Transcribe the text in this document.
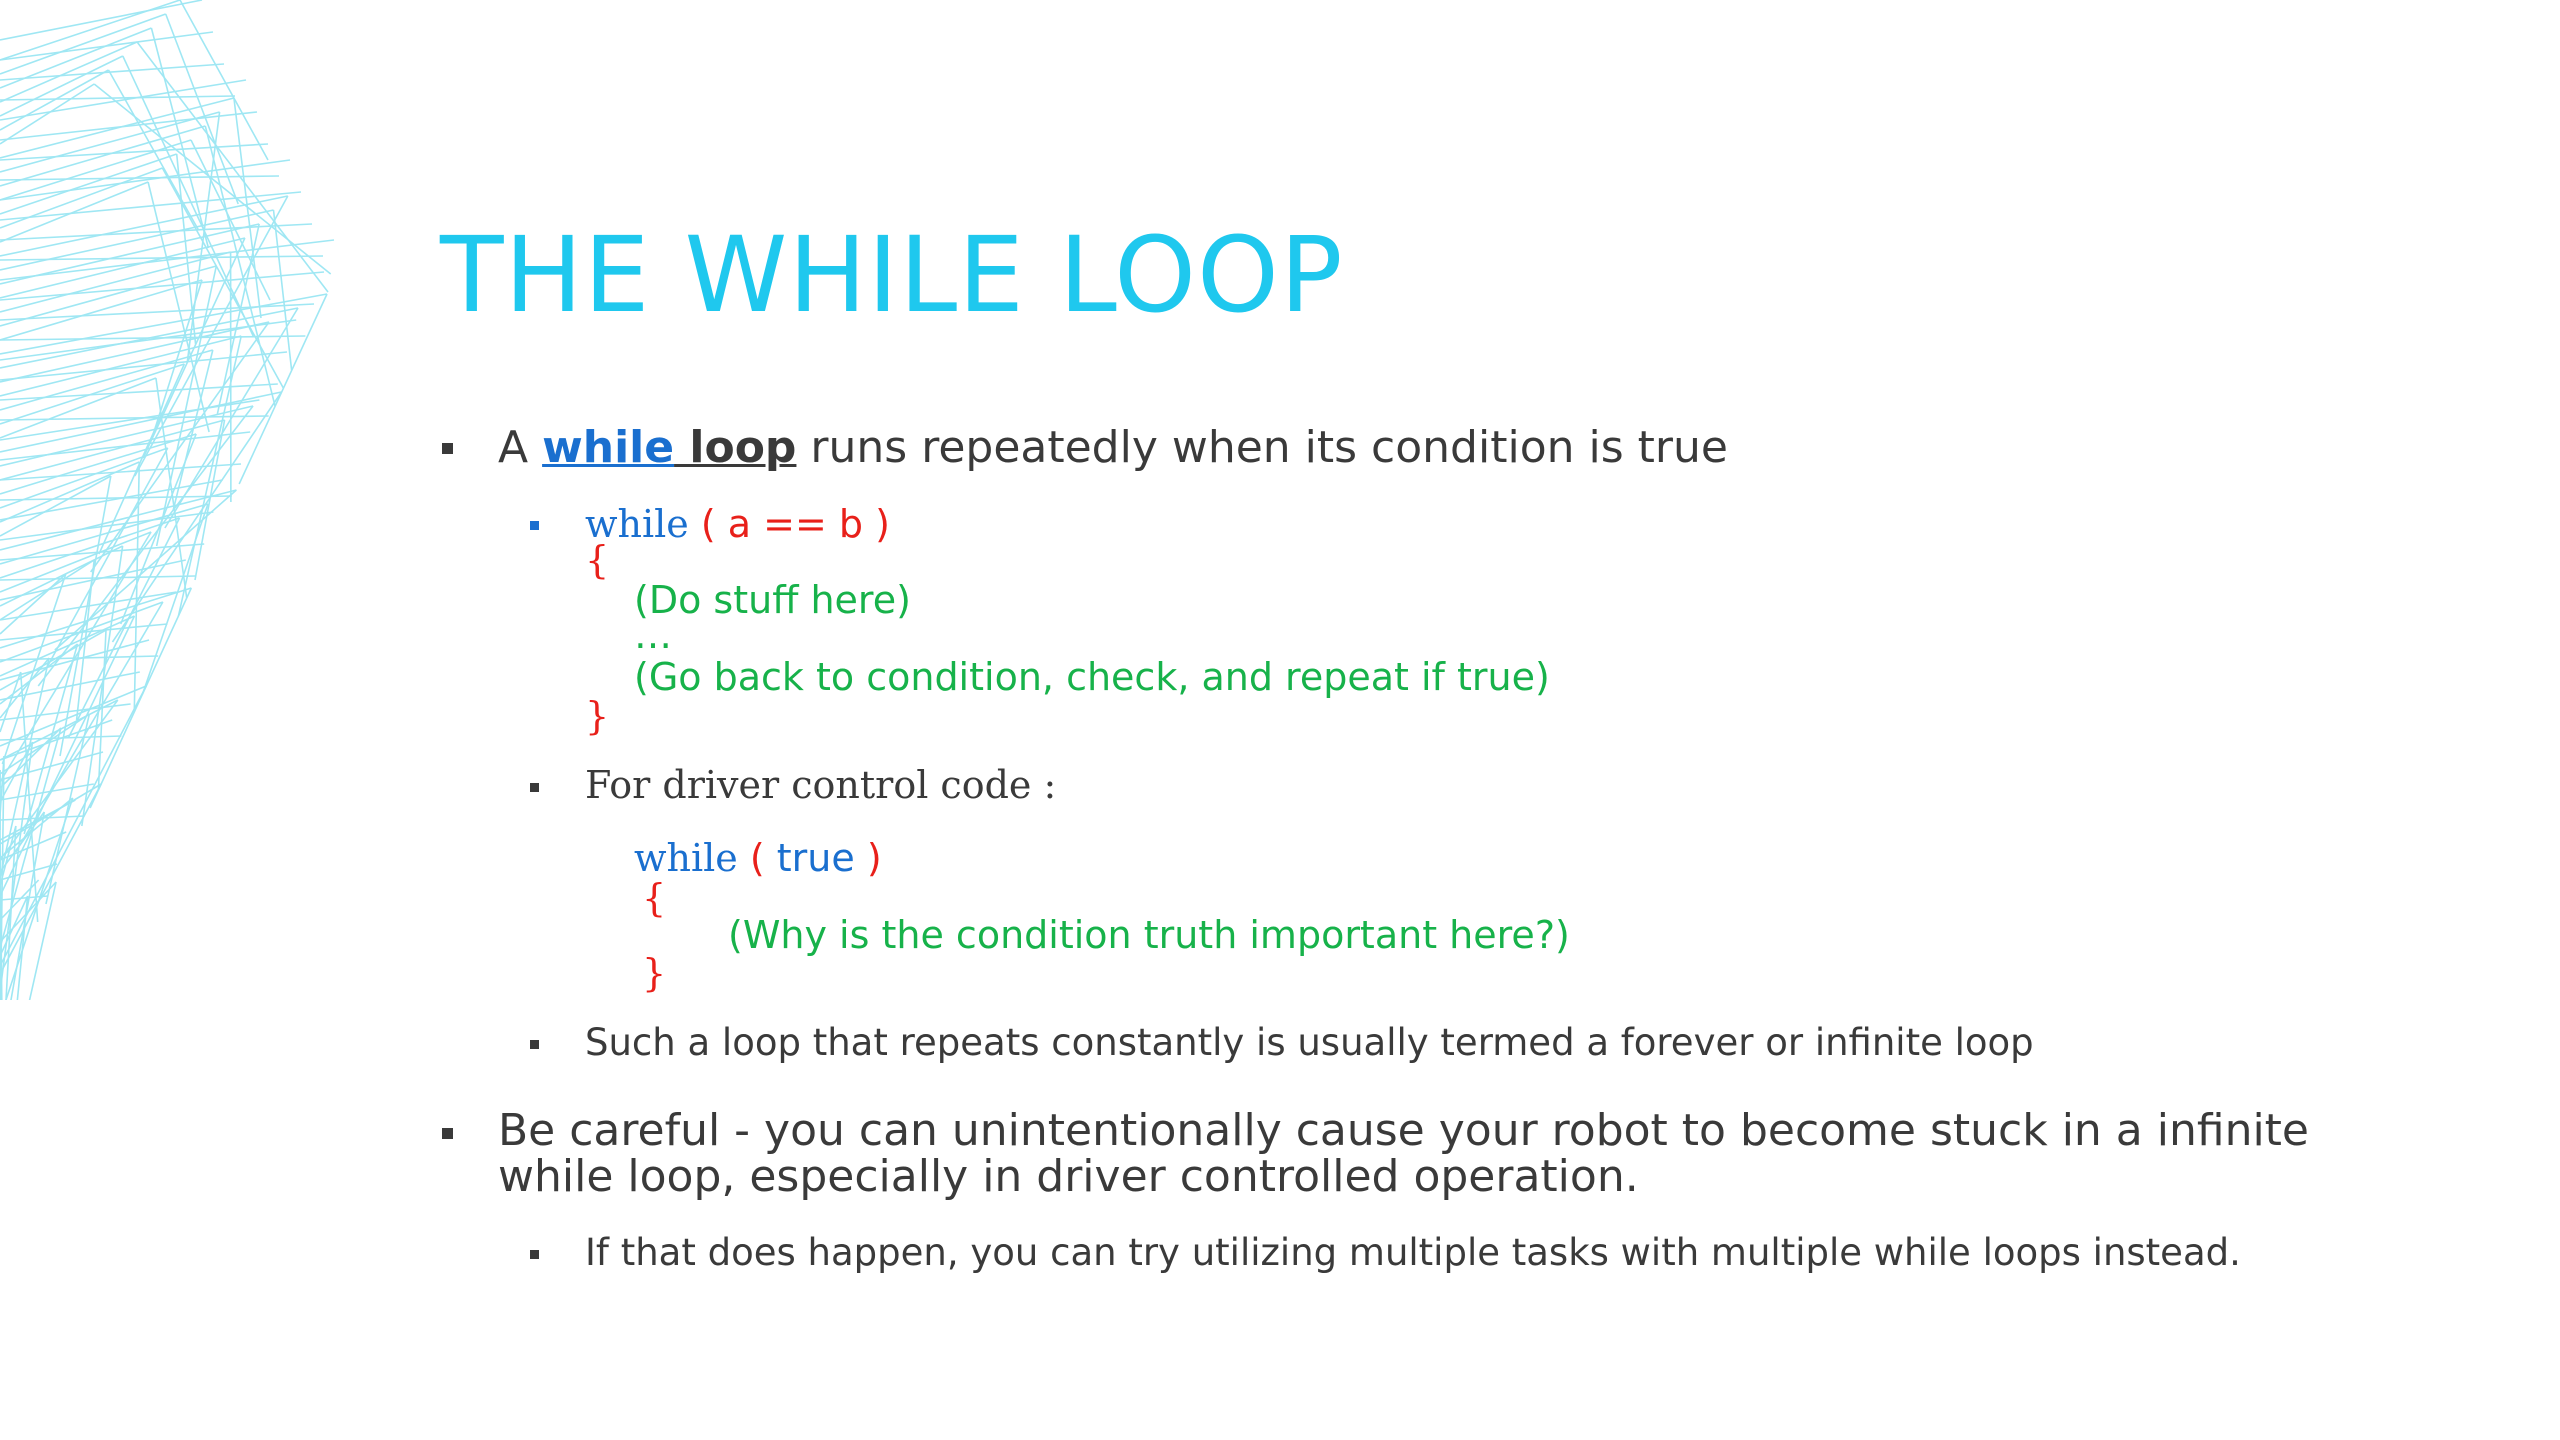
THE WHILE LOOP
A while loop runs repeatedly when its condition is true
while ( a == b )
{
(Do stuff here)
…
(Go back to condition, check, and repeat if true)
}
For driver control code :
while ( true )
{
(Why is the condition truth important here?)
}
Such a loop that repeats constantly is usually termed a forever or infinite loop
Be careful - you can unintentionally cause your robot to become stuck in a infinite
while loop, especially in driver controlled operation.
If that does happen, you can try utilizing multiple tasks with multiple while loops instead.
